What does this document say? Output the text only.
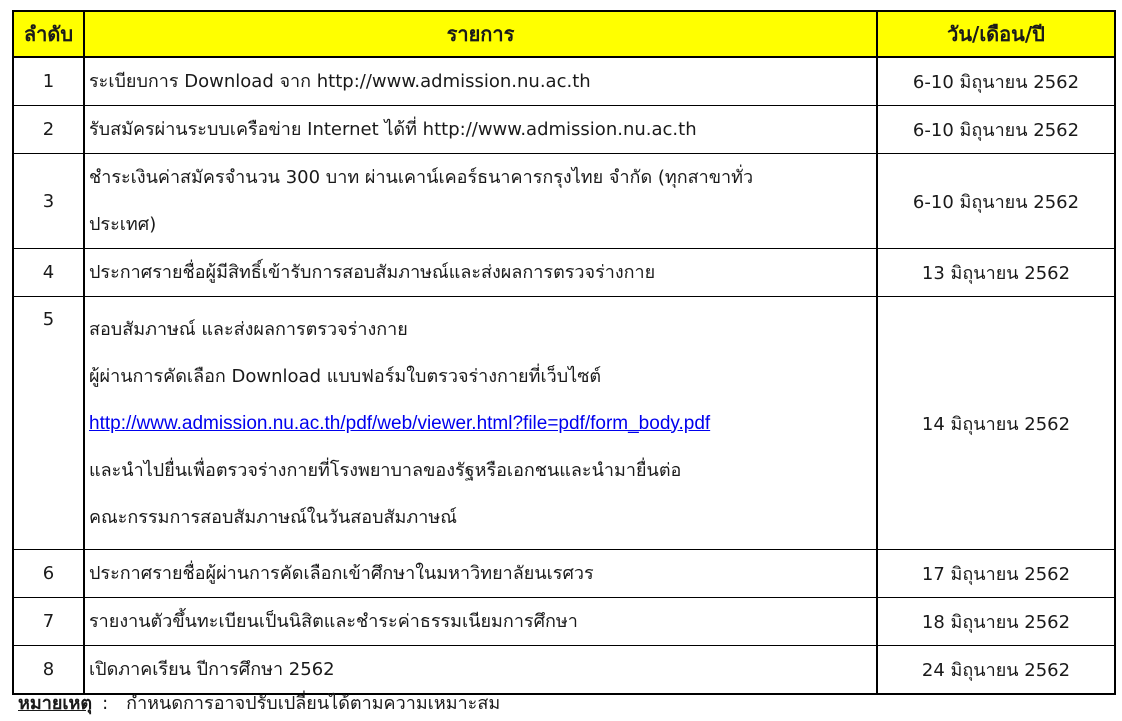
ลำดับ	รายการ	วัน/เดือน/ปี
1	ระเบียบการ Download จาก http://www.admission.nu.ac.th	6-10 มิถุนายน 2562
2	รับสมัครผ่านระบบเครือข่าย Internet ได้ที่ http://www.admission.nu.ac.th	6-10 มิถุนายน 2562
3	ชำระเงินค่าสมัครจำนวน 300 บาท ผ่านเคาน์เคอร์ธนาคารกรุงไทย จำกัด (ทุกสาขาทั่ว
ประเทศ)	6-10 มิถุนายน 2562
4	ประกาศรายชื่อผู้มีสิทธิ์เข้ารับการสอบสัมภาษณ์และส่งผลการตรวจร่างกาย	13 มิถุนายน 2562
5	สอบสัมภาษณ์ และส่งผลการตรวจร่างกาย
ผู้ผ่านการคัดเลือก Download แบบฟอร์มใบตรวจร่างกายที่เว็บไซต์
http://www.admission.nu.ac.th/pdf/web/viewer.html?file=pdf/form_body.pdf
และนำไปยื่นเพื่อตรวจร่างกายที่โรงพยาบาลของรัฐหรือเอกชนและนำมายื่นต่อ
คณะกรรมการสอบสัมภาษณ์ในวันสอบสัมภาษณ์	14 มิถุนายน 2562
6	ประกาศรายชื่อผู้ผ่านการคัดเลือกเข้าศึกษาในมหาวิทยาลัยนเรศวร	17 มิถุนายน 2562
7	รายงานตัวขึ้นทะเบียนเป็นนิสิตและชำระค่าธรรมเนียมการศึกษา	18 มิถุนายน 2562
8	เปิดภาคเรียน ปีการศึกษา 2562	24 มิถุนายน 2562
หมายเหตุ : กำหนดการอาจปรับเปลี่ยนได้ตามความเหมาะสม
